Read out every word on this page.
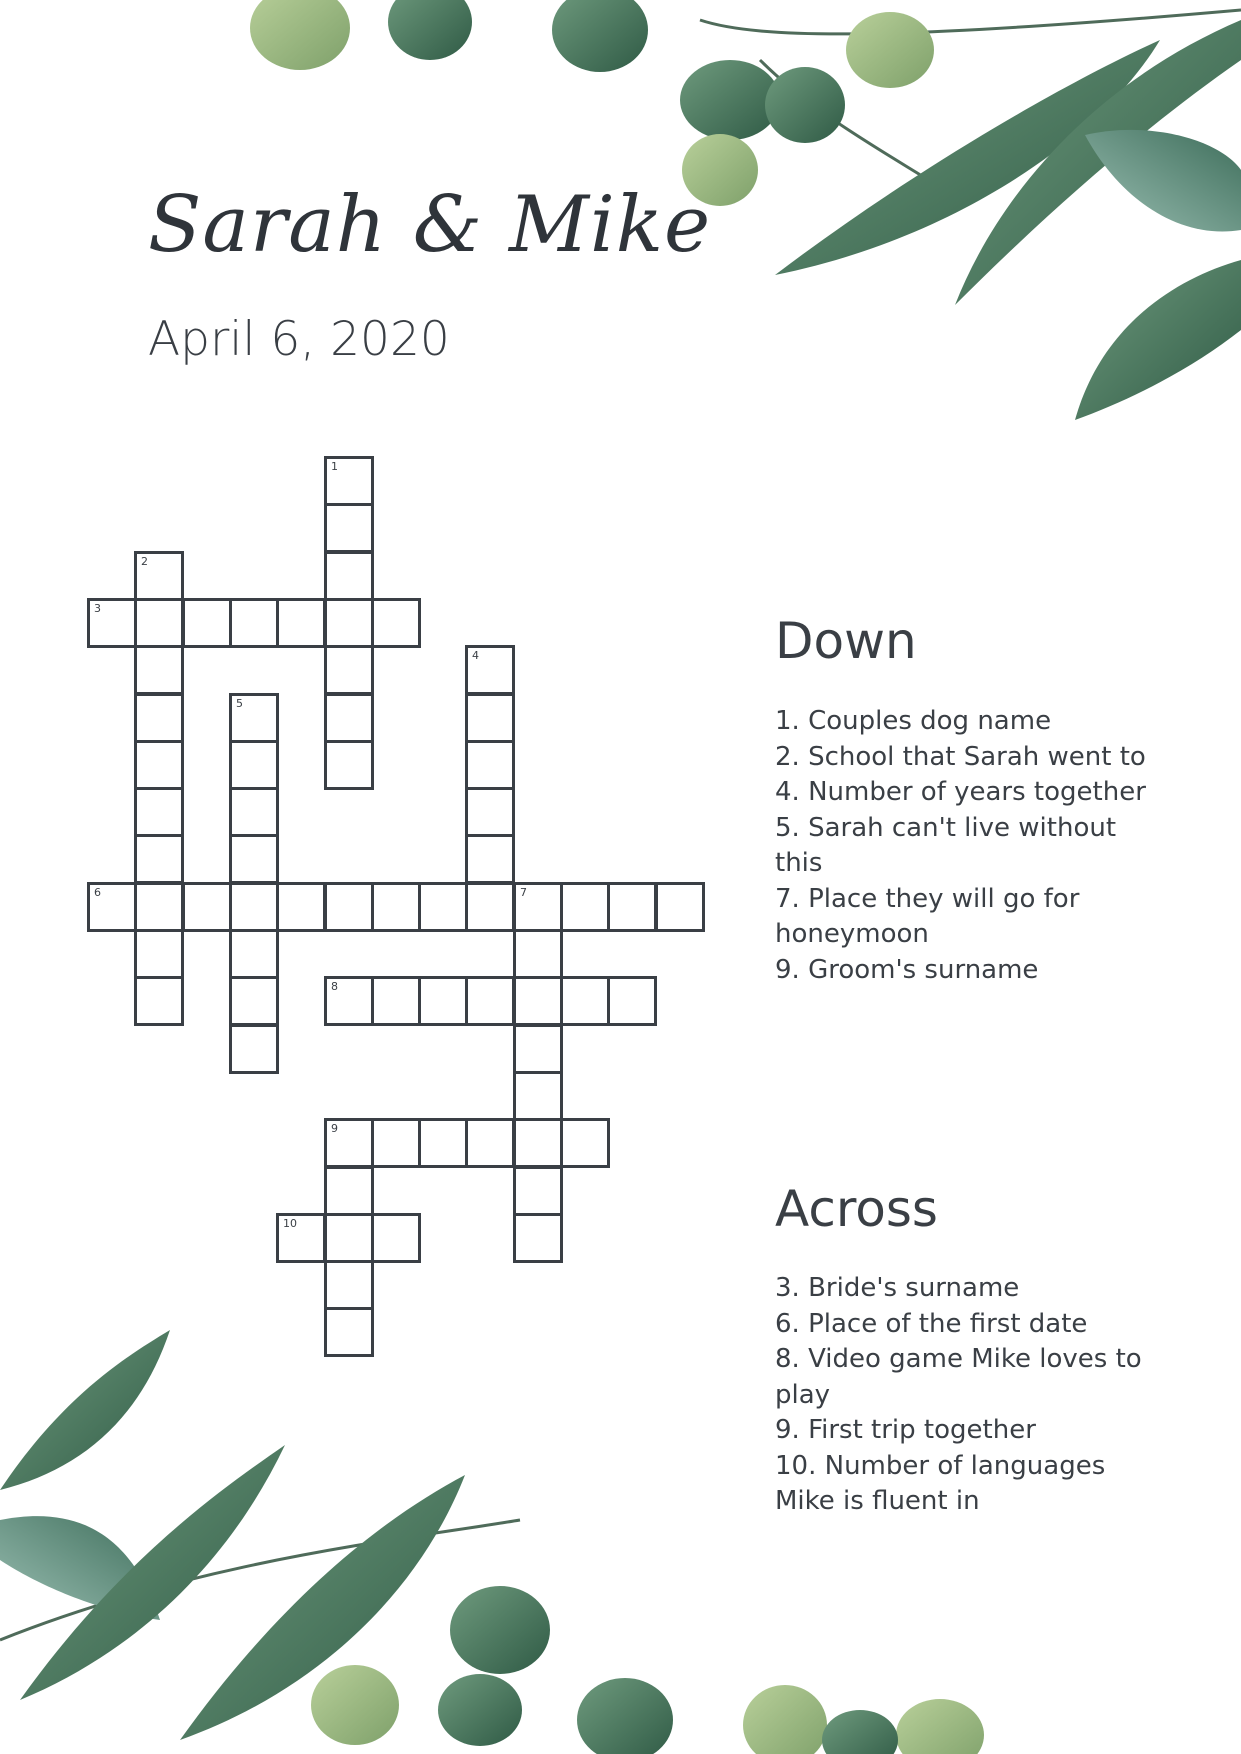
Sarah & Mike
April 6, 2020
1
2
3
4
5
6	7
8
9
10
Down
1. Couples dog name
2. School that Sarah went to
4. Number of years together
5. Sarah can't live without this
7. Place they will go for honeymoon
9. Groom's surname
Across
3. Bride's surname
6. Place of the first date
8. Video game Mike loves to play
9. First trip together
10. Number of languages Mike is fluent in
